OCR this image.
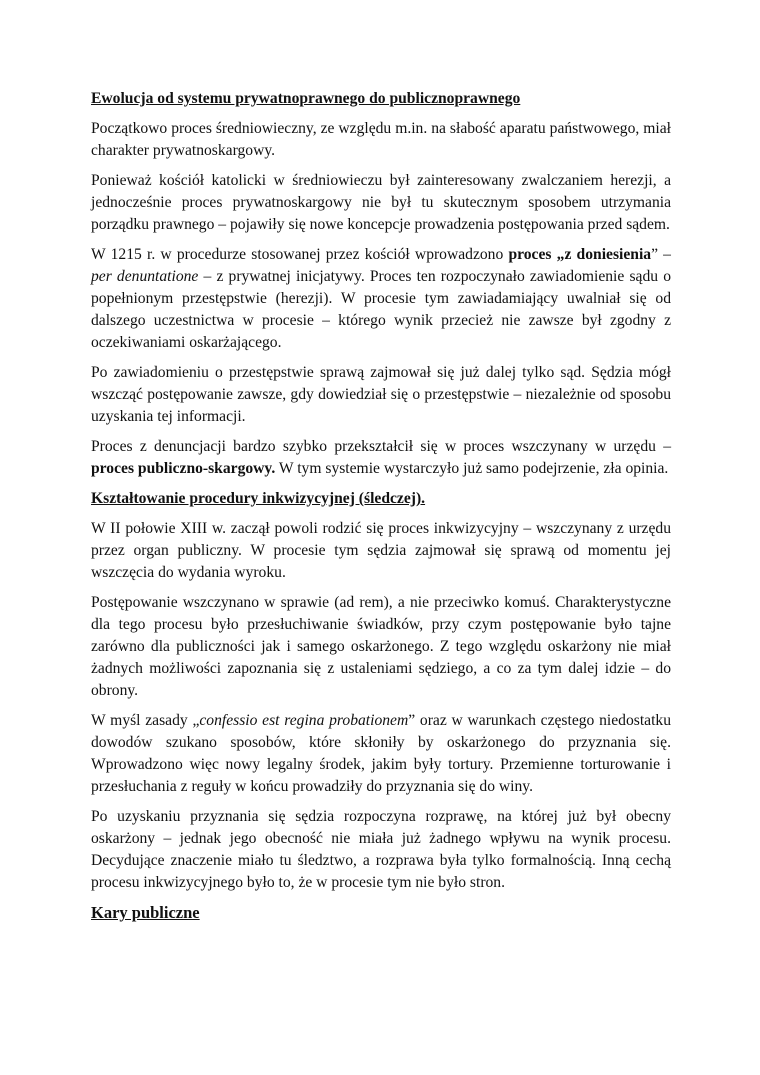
Ewolucja od systemu prywatnoprawnego do publicznoprawnego

Początkowo proces średniowieczny, ze względu m.in. na słabość aparatu państwowego, miał charakter prywatnoskargowy.

Ponieważ kościół katolicki w średniowieczu był zainteresowany zwalczaniem herezji, a jednocześnie proces prywatnoskargowy nie był tu skutecznym sposobem utrzymania porządku prawnego – pojawiły się nowe koncepcje prowadzenia postępowania przed sądem.

W 1215 r. w procedurze stosowanej przez kościół wprowadzono proces „z doniesienia” – per denuntatione – z prywatnej inicjatywy. Proces ten rozpoczynało zawiadomienie sądu o popełnionym przestępstwie (herezji). W procesie tym zawiadamiający uwalniał się od dalszego uczestnictwa w procesie – którego wynik przecież nie zawsze był zgodny z oczekiwaniami oskarżającego.

Po zawiadomieniu o przestępstwie sprawą zajmował się już dalej tylko sąd. Sędzia mógł wszcząć postępowanie zawsze, gdy dowiedział się o przestępstwie – niezależnie od sposobu uzyskania tej informacji.

Proces z denuncjacji bardzo szybko przekształcił się w proces wszczynany w urzędu – proces publiczno-skargowy. W tym systemie wystarczyło już samo podejrzenie, zła opinia.

Kształtowanie procedury inkwizycyjnej (śledczej).

W II połowie XIII w. zaczął powoli rodzić się proces inkwizycyjny – wszczynany z urzędu przez organ publiczny. W procesie tym sędzia zajmował się sprawą od momentu jej wszczęcia do wydania wyroku.

Postępowanie wszczynano w sprawie (ad rem), a nie przeciwko komuś. Charakterystyczne dla tego procesu było przesłuchiwanie świadków, przy czym postępowanie było tajne zarówno dla publiczności jak i samego oskarżonego. Z tego względu oskarżony nie miał żadnych możliwości zapoznania się z ustaleniami sędziego, a co za tym dalej idzie – do obrony.

W myśl zasady „confessio est regina probationem” oraz w warunkach częstego niedostatku dowodów szukano sposobów, które skłoniły by oskarżonego do przyznania się. Wprowadzono więc nowy legalny środek, jakim były tortury. Przemienne torturowanie i przesłuchania z reguły w końcu prowadziły do przyznania się do winy.

Po uzyskaniu przyznania się sędzia rozpoczyna rozprawę, na której już był obecny oskarżony – jednak jego obecność nie miała już żadnego wpływu na wynik procesu. Decydujące znaczenie miało tu śledztwo, a rozprawa była tylko formalnością. Inną cechą procesu inkwizycyjnego było to, że w procesie tym nie było stron.

Kary publiczne
